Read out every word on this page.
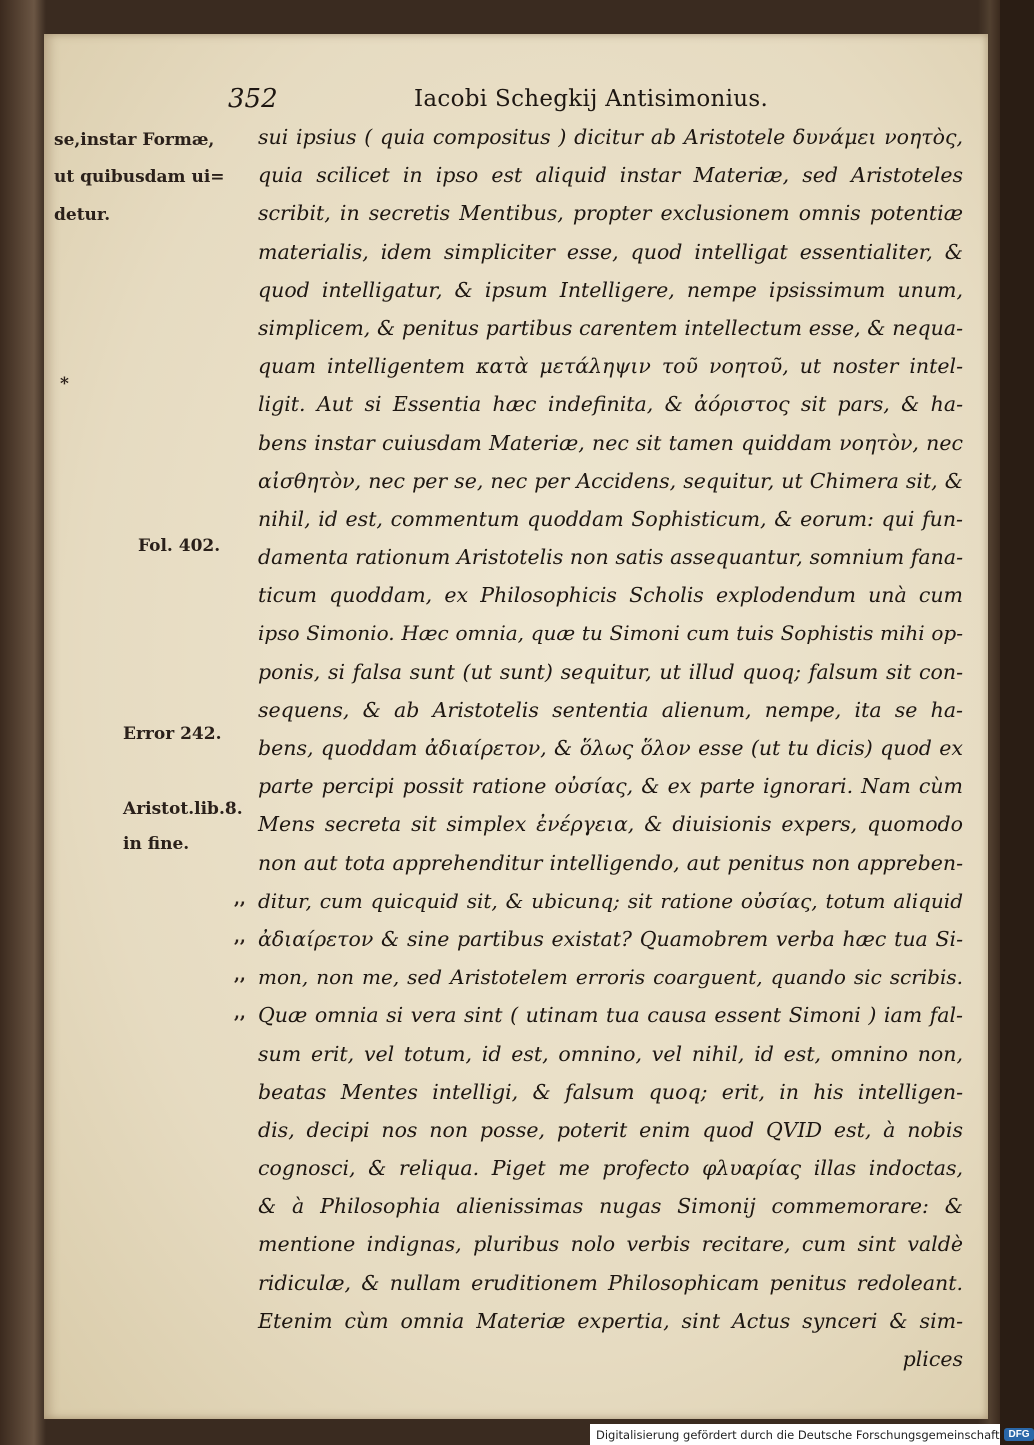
352	Iacobi Schegkij Antisimonius.
se,instar Formæ,
ut quibusdam ui=
detur.
*
Fol. 402.
Error 242.
Aristot.lib.8.
in fine.
,,
,,
,,
,,
sui ipsius ( quia compositus ) dicitur ab Aristotele δυνάμει νοητὸς,
quia scilicet in ipso est aliquid instar Materiæ, sed Aristoteles
scribit, in secretis Mentibus, propter exclusionem omnis potentiæ
materialis, idem simpliciter esse, quod intelligat essentialiter, &
quod intelligatur, & ipsum Intelligere, nempe ipsissimum unum,
simplicem, & penitus partibus carentem intellectum esse, & nequa-
quam intelligentem κατὰ μετάληψιν τοῦ νοητοῦ, ut noster intel-
ligit. Aut si Essentia hæc indefinita, & ἀόριστος sit pars, & ha-
bens instar cuiusdam Materiæ, nec sit tamen quiddam νοητὸν, nec
αἰσθητὸν, nec per se, nec per Accidens, sequitur, ut Chimera sit, &
nihil, id est, commentum quoddam Sophisticum, & eorum: qui fun-
damenta rationum Aristotelis non satis assequantur, somnium fana-
ticum quoddam, ex Philosophicis Scholis explodendum unà cum
ipso Simonio. Hæc omnia, quæ tu Simoni cum tuis Sophistis mihi op-
ponis, si falsa sunt (ut sunt) sequitur, ut illud quoq; falsum sit con-
sequens, & ab Aristotelis sententia alienum, nempe, ita se ha-
bens, quoddam ἀδιαίρετον, & ὅλως ὅλον esse (ut tu dicis) quod ex
parte percipi possit ratione οὐσίας, & ex parte ignorari. Nam cùm
Mens secreta sit simplex ἐνέργεια, & diuisionis expers, quomodo
non aut tota apprehenditur intelligendo, aut penitus non appreben-
ditur, cum quicquid sit, & ubicunq; sit ratione οὐσίας, totum aliquid
ἀδιαίρετον & sine partibus existat? Quamobrem verba hæc tua Si-
mon, non me, sed Aristotelem erroris coarguent, quando sic scribis.
Quæ omnia si vera sint ( utinam tua causa essent Simoni ) iam fal-
sum erit, vel totum, id est, omnino, vel nihil, id est, omnino non,
beatas Mentes intelligi, & falsum quoq; erit, in his intelligen-
dis, decipi nos non posse, poterit enim quod QVID est, à nobis
cognosci, & reliqua. Piget me profecto φλυαρίας illas indoctas,
& à Philosophia alienissimas nugas Simonij commemorare: &
mentione indignas, pluribus nolo verbis recitare, cum sint valdè
ridiculæ, & nullam eruditionem Philosophicam penitus redoleant.
Etenim cùm omnia Materiæ expertia, sint Actus synceri & sim-
plices
Digitalisierung gefördert durch die Deutsche Forschungsgemeinschaft DFG
